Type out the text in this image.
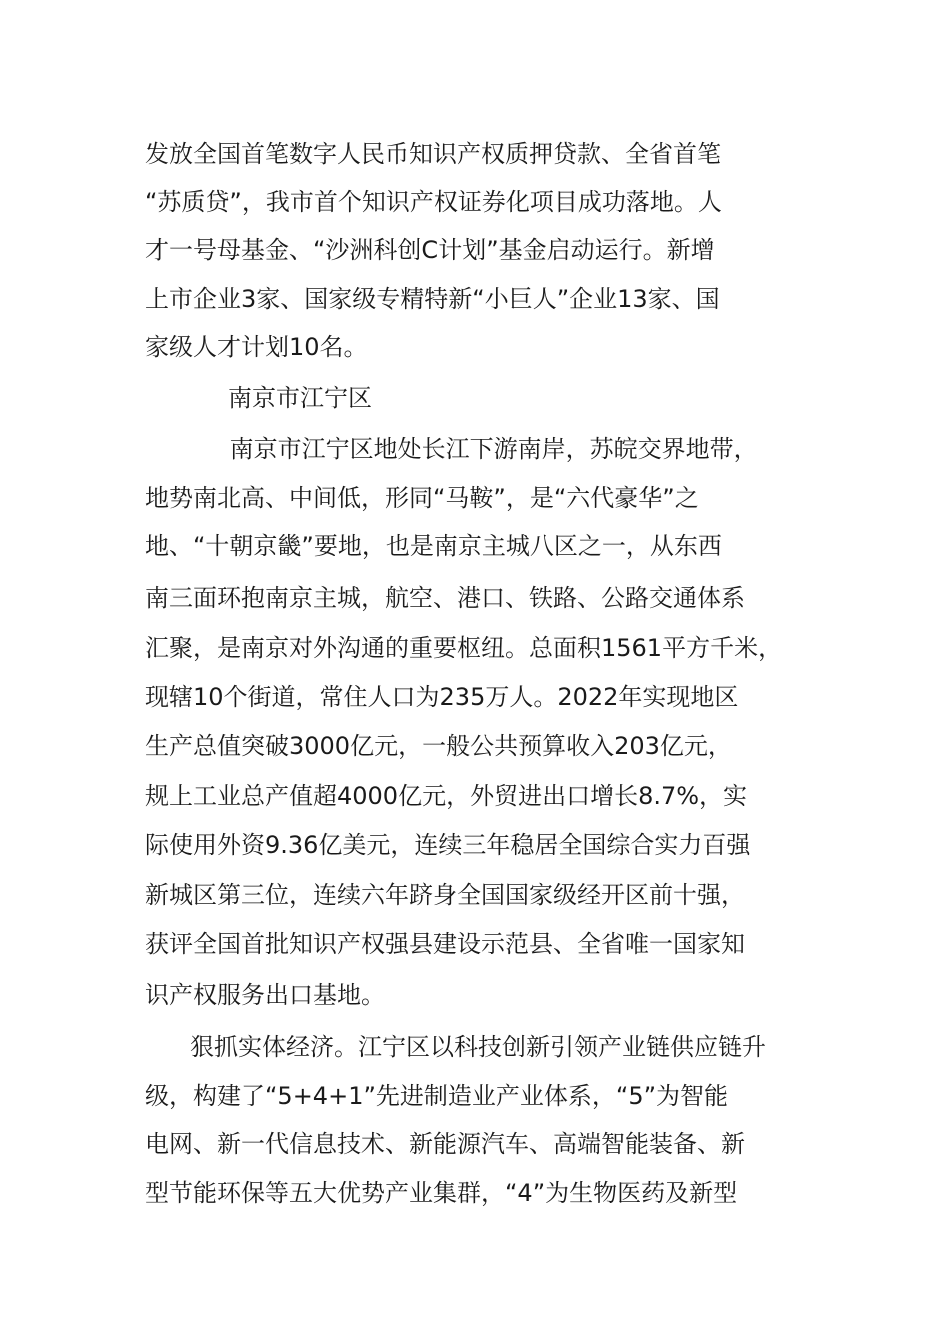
发放全国首笔数字人民币知识产权质押贷款、全省首笔
“苏质贷”，我市首个知识产权证券化项目成功落地。人
才一号母基金、“沙洲科创C计划”基金启动运行。新增
上市企业3家、国家级专精特新“小巨人”企业13家、国
家级人才计划10名。
南京市江宁区
南京市江宁区地处长江下游南岸，苏皖交界地带，
地势南北高、中间低，形同“马鞍”，是“六代豪华”之
地、“十朝京畿”要地，也是南京主城八区之一，从东西
南三面环抱南京主城，航空、港口、铁路、公路交通体系
汇聚，是南京对外沟通的重要枢纽。总面积1561平方千米，
现辖10个街道，常住人口为235万人。2022年实现地区
生产总值突破3000亿元，一般公共预算收入203亿元，
规上工业总产值超4000亿元，外贸进出口增长8.7%，实
际使用外资9.36亿美元，连续三年稳居全国综合实力百强
新城区第三位，连续六年跻身全国国家级经开区前十强，
获评全国首批知识产权强县建设示范县、全省唯一国家知
识产权服务出口基地。
狠抓实体经济。江宁区以科技创新引领产业链供应链升
级，构建了“5+4+1”先进制造业产业体系，“5”为智能
电网、新一代信息技术、新能源汽车、高端智能装备、新
型节能环保等五大优势产业集群，“4”为生物医药及新型
